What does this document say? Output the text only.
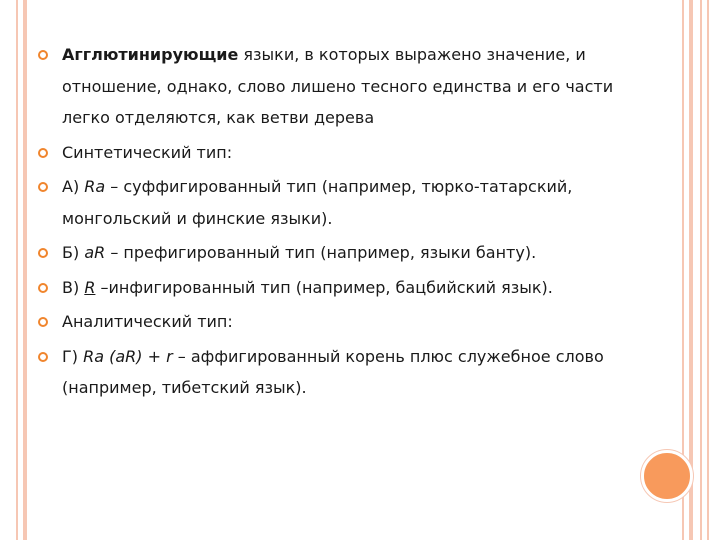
Агглютинирующие языки, в которых выражено значение, и отношение, однако, слово лишено тесного единства и его части легко отделяются, как ветви дерева
Синтетический тип:
А) Ra – суффигированный тип (например, тюрко-татарский, монгольский и финские языки).
Б) aR – префигированный тип (например, языки банту).
В) R –инфигированный тип (например, бацбийский язык).
Аналитический тип:
Г) Ra (aR) + r – аффигированный корень плюс служебное слово (например, тибетский язык).
